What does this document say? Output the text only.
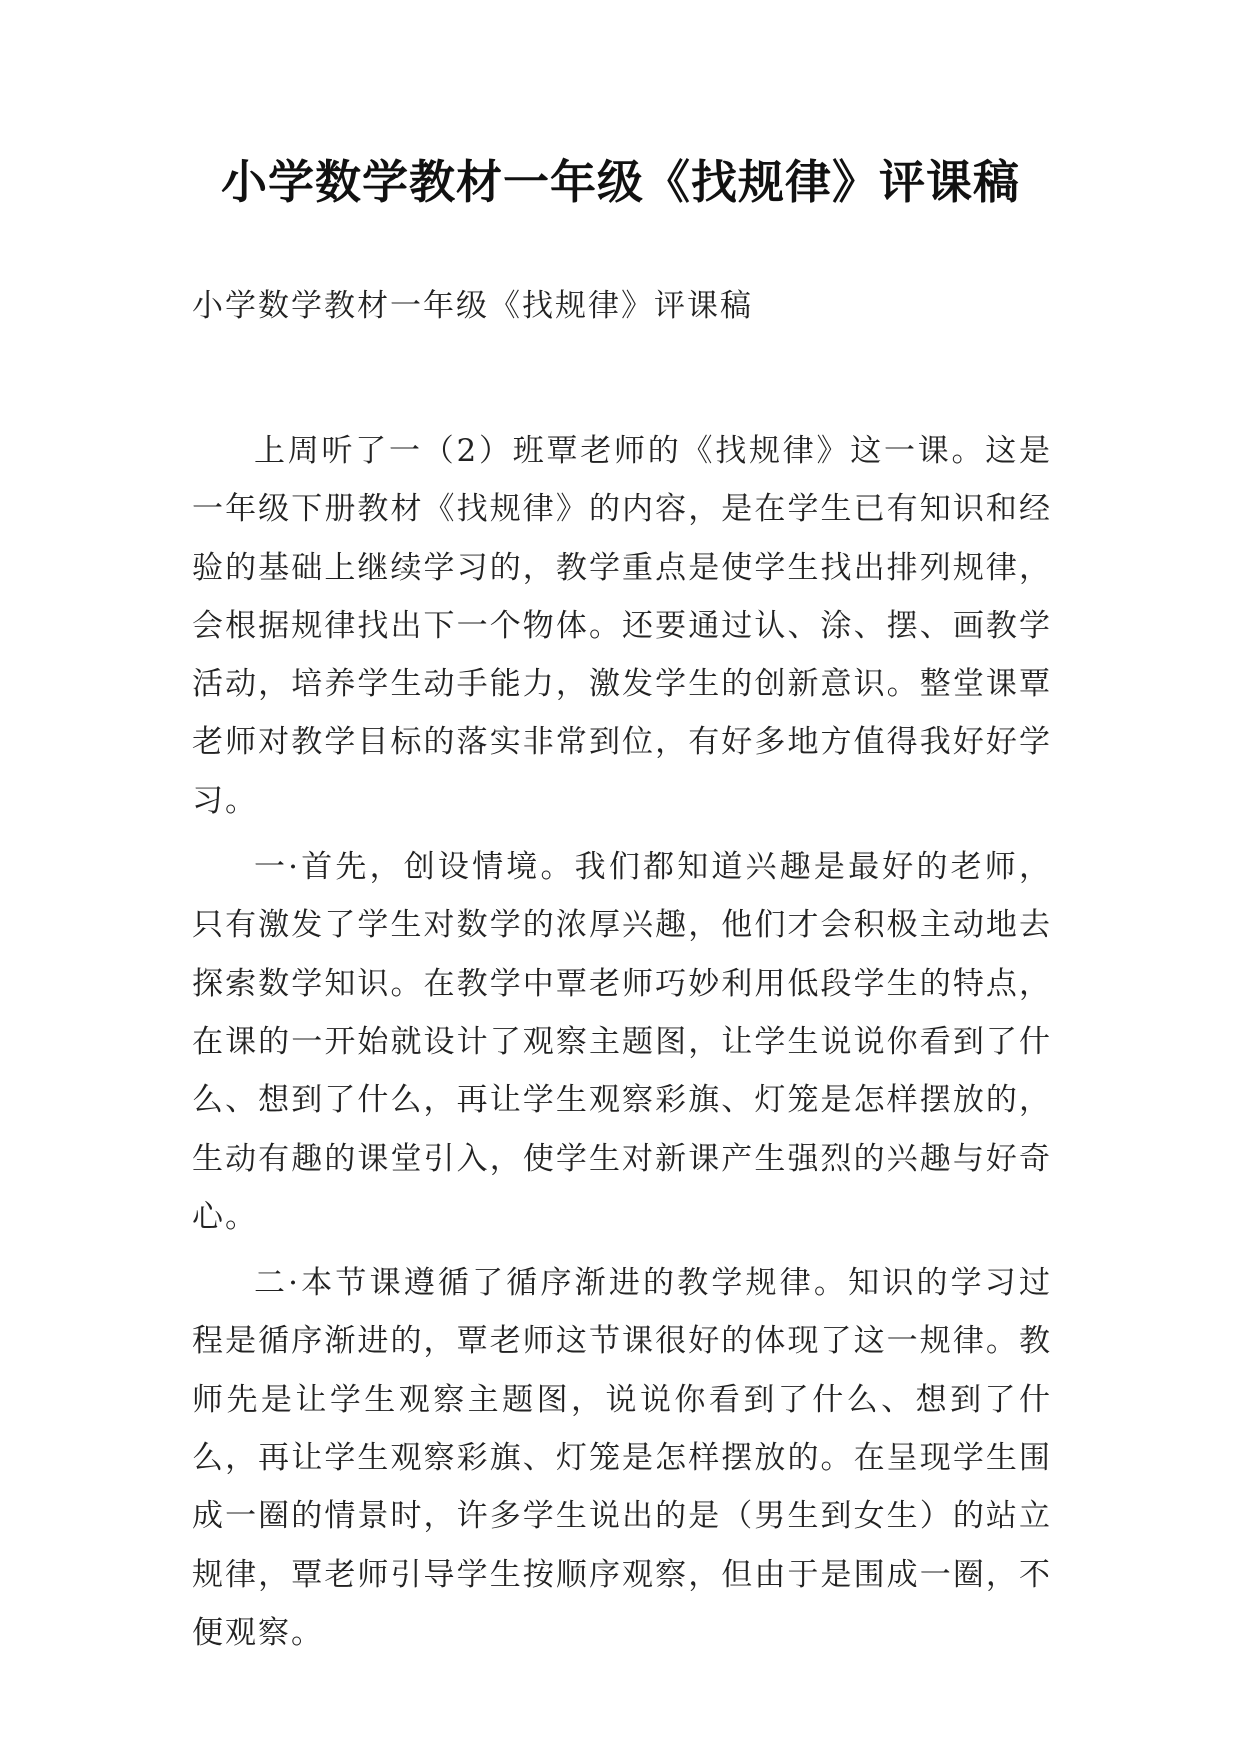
小学数学教材一年级《找规律》评课稿

小学数学教材一年级《找规律》评课稿

上周听了一（2）班覃老师的《找规律》这一课。这是一年级下册教材《找规律》的内容，是在学生已有知识和经验的基础上继续学习的，教学重点是使学生找出排列规律，会根据规律找出下一个物体。还要通过认、涂、摆、画教学活动，培养学生动手能力，激发学生的创新意识。整堂课覃老师对教学目标的落实非常到位，有好多地方值得我好好学习。

一·首先，创设情境。我们都知道兴趣是最好的老师，只有激发了学生对数学的浓厚兴趣，他们才会积极主动地去探索数学知识。在教学中覃老师巧妙利用低段学生的特点，在课的一开始就设计了观察主题图，让学生说说你看到了什么、想到了什么，再让学生观察彩旗、灯笼是怎样摆放的，生动有趣的课堂引入，使学生对新课产生强烈的兴趣与好奇心。

二·本节课遵循了循序渐进的教学规律。知识的学习过程是循序渐进的，覃老师这节课很好的体现了这一规律。教师先是让学生观察主题图，说说你看到了什么、想到了什么，再让学生观察彩旗、灯笼是怎样摆放的。在呈现学生围成一圈的情景时，许多学生说出的是（男生到女生）的站立规律，覃老师引导学生按顺序观察，但由于是围成一圈，不便观察。
